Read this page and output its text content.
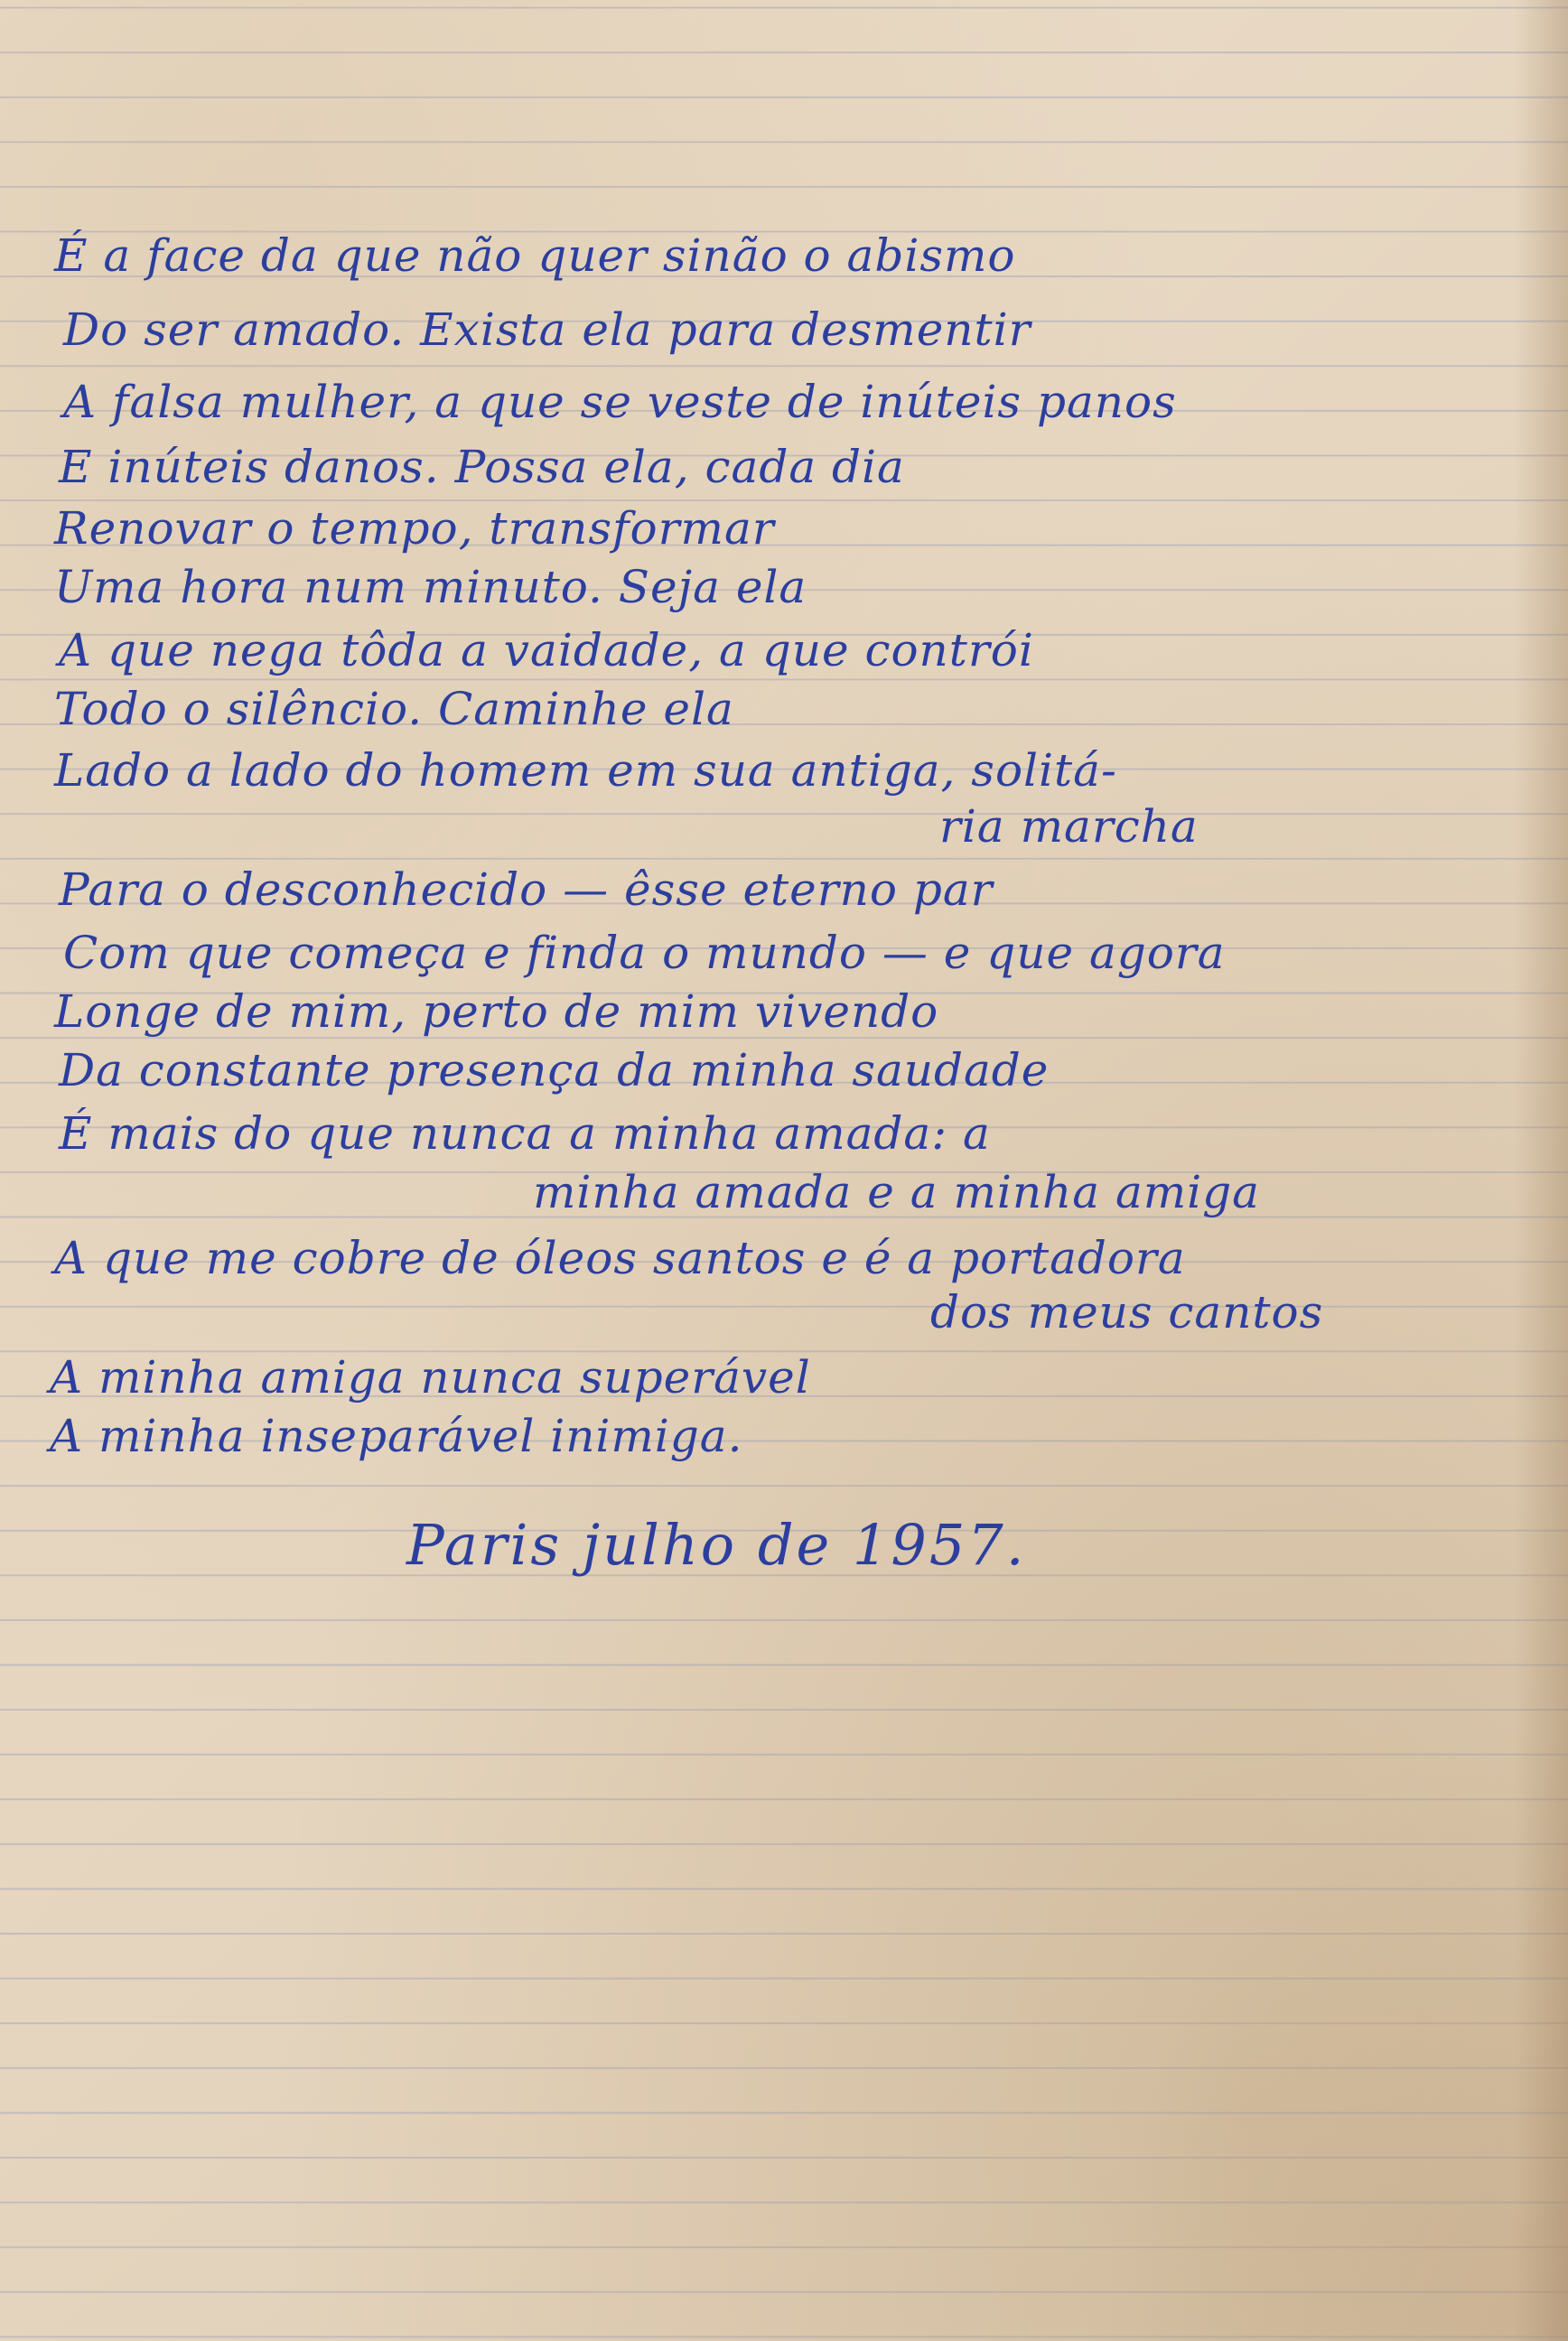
É a face da que não quer sinão o abismo
Do ser amado. Exista ela para desmentir
A falsa mulher, a que se veste de inúteis panos
E inúteis danos. Possa ela, cada dia
Renovar o tempo, transformar
Uma hora num minuto. Seja ela
A que nega tôda a vaidade, a que contrói
Todo o silêncio. Caminhe ela
Lado a lado do homem em sua antiga, solitá-
ria marcha
Para o desconhecido — êsse eterno par
Com que começa e finda o mundo — e que agora
Longe de mim, perto de mim vivendo
Da constante presença da minha saudade
É mais do que nunca a minha amada: a
minha amada e a minha amiga
A que me cobre de óleos santos e é a portadora
dos meus cantos
A minha amiga nunca superável
A minha inseparável inimiga.
Paris julho de 1957.
